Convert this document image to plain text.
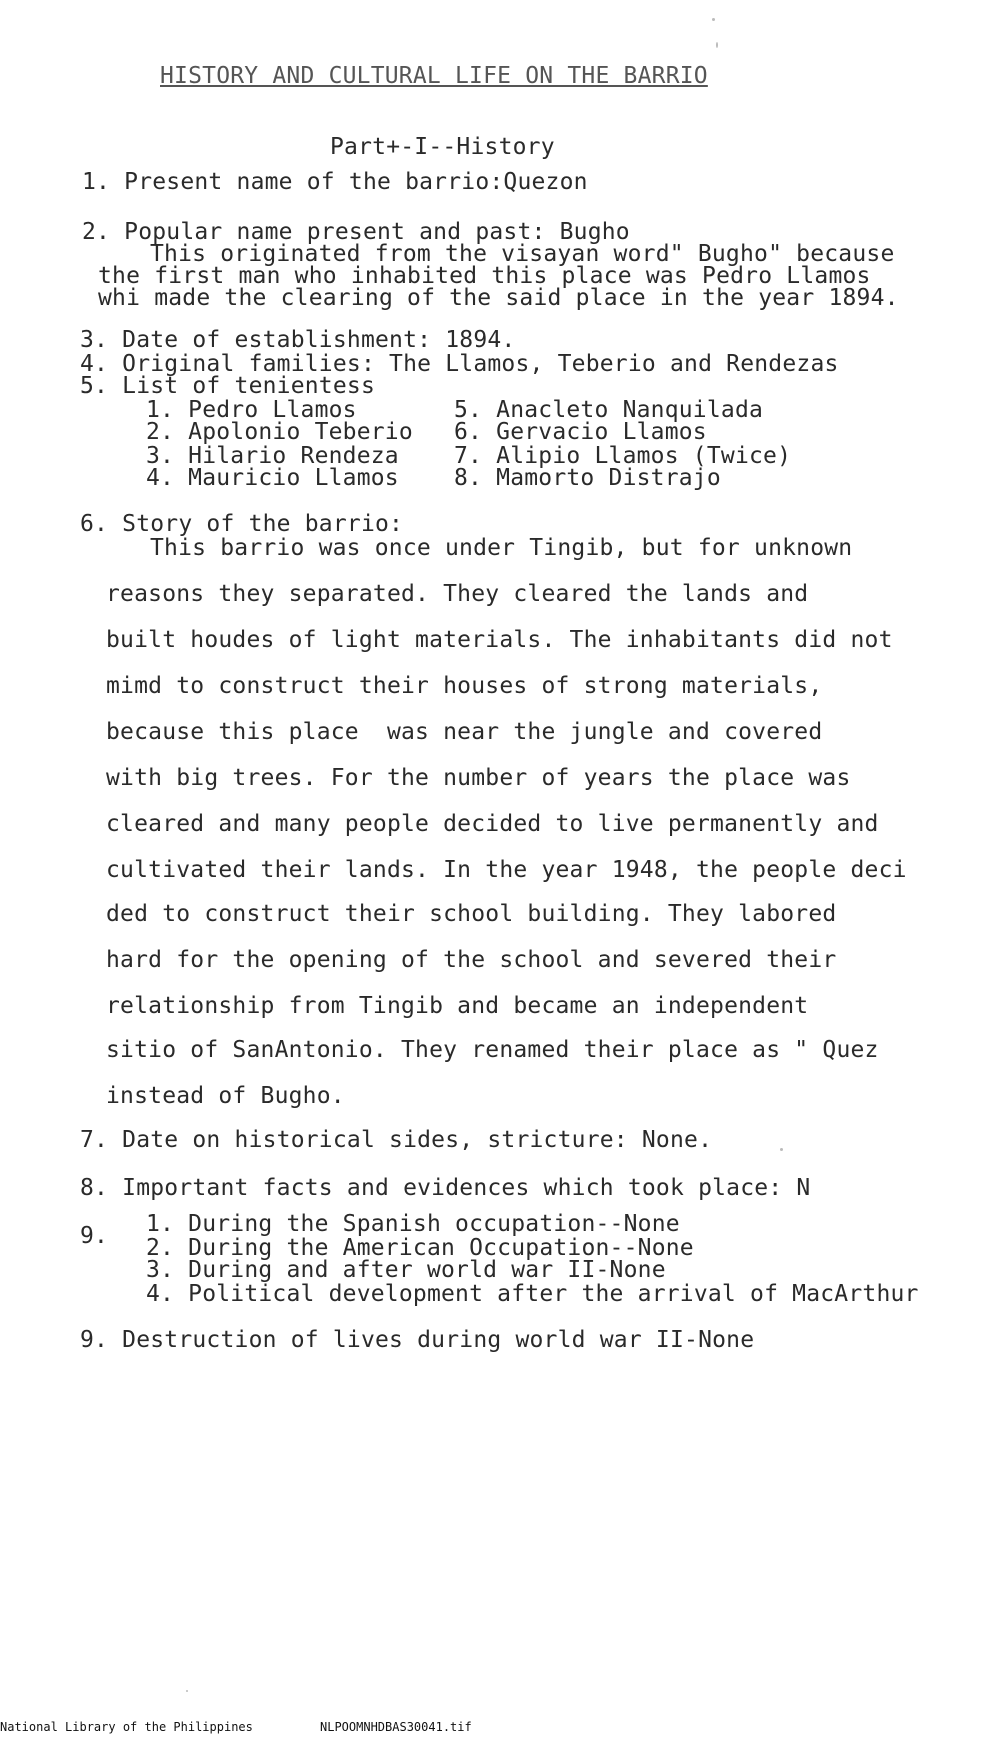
HISTORY AND CULTURAL LIFE ON THE BARRIO
Part+-I--History
1. Present name of the barrio:Quezon
2. Popular name present and past: Bugho
This originated from the visayan word" Bugho" because
the first man who inhabited this place was Pedro Llamos
whi made the clearing of the said place in the year 1894.
3. Date of establishment: 1894.
4. Original families: The Llamos, Teberio and Rendezas
5. List of tenientess
1. Pedro Llamos
2. Apolonio Teberio
3. Hilario Rendeza
4. Mauricio Llamos
5. Anacleto Nanquilada
6. Gervacio Llamos
7. Alipio Llamos (Twice)
8. Mamorto Distrajo
6. Story of the barrio:
This barrio was once under Tingib, but for unknown
reasons they separated. They cleared the lands and
built houdes of light materials. The inhabitants did not
mimd to construct their houses of strong materials,
because this place  was near the jungle and covered
with big trees. For the number of years the place was
cleared and many people decided to live permanently and
cultivated their lands. In the year 1948, the people deci
ded to construct their school building. They labored
hard for the opening of the school and severed their
relationship from Tingib and became an independent
sitio of SanAntonio. They renamed their place as " Quez
instead of Bugho.
7. Date on historical sides, stricture: None.
8. Important facts and evidences which took place: N
9. 1. During the Spanish occupation--None
2. During the American Occupation--None
3. During and after world war II-None
4. Political development after the arrival of MacArthur
9. Destruction of lives during world war II-None
National Library of the Philippines	NLPOOMNHDBAS30041.tif
